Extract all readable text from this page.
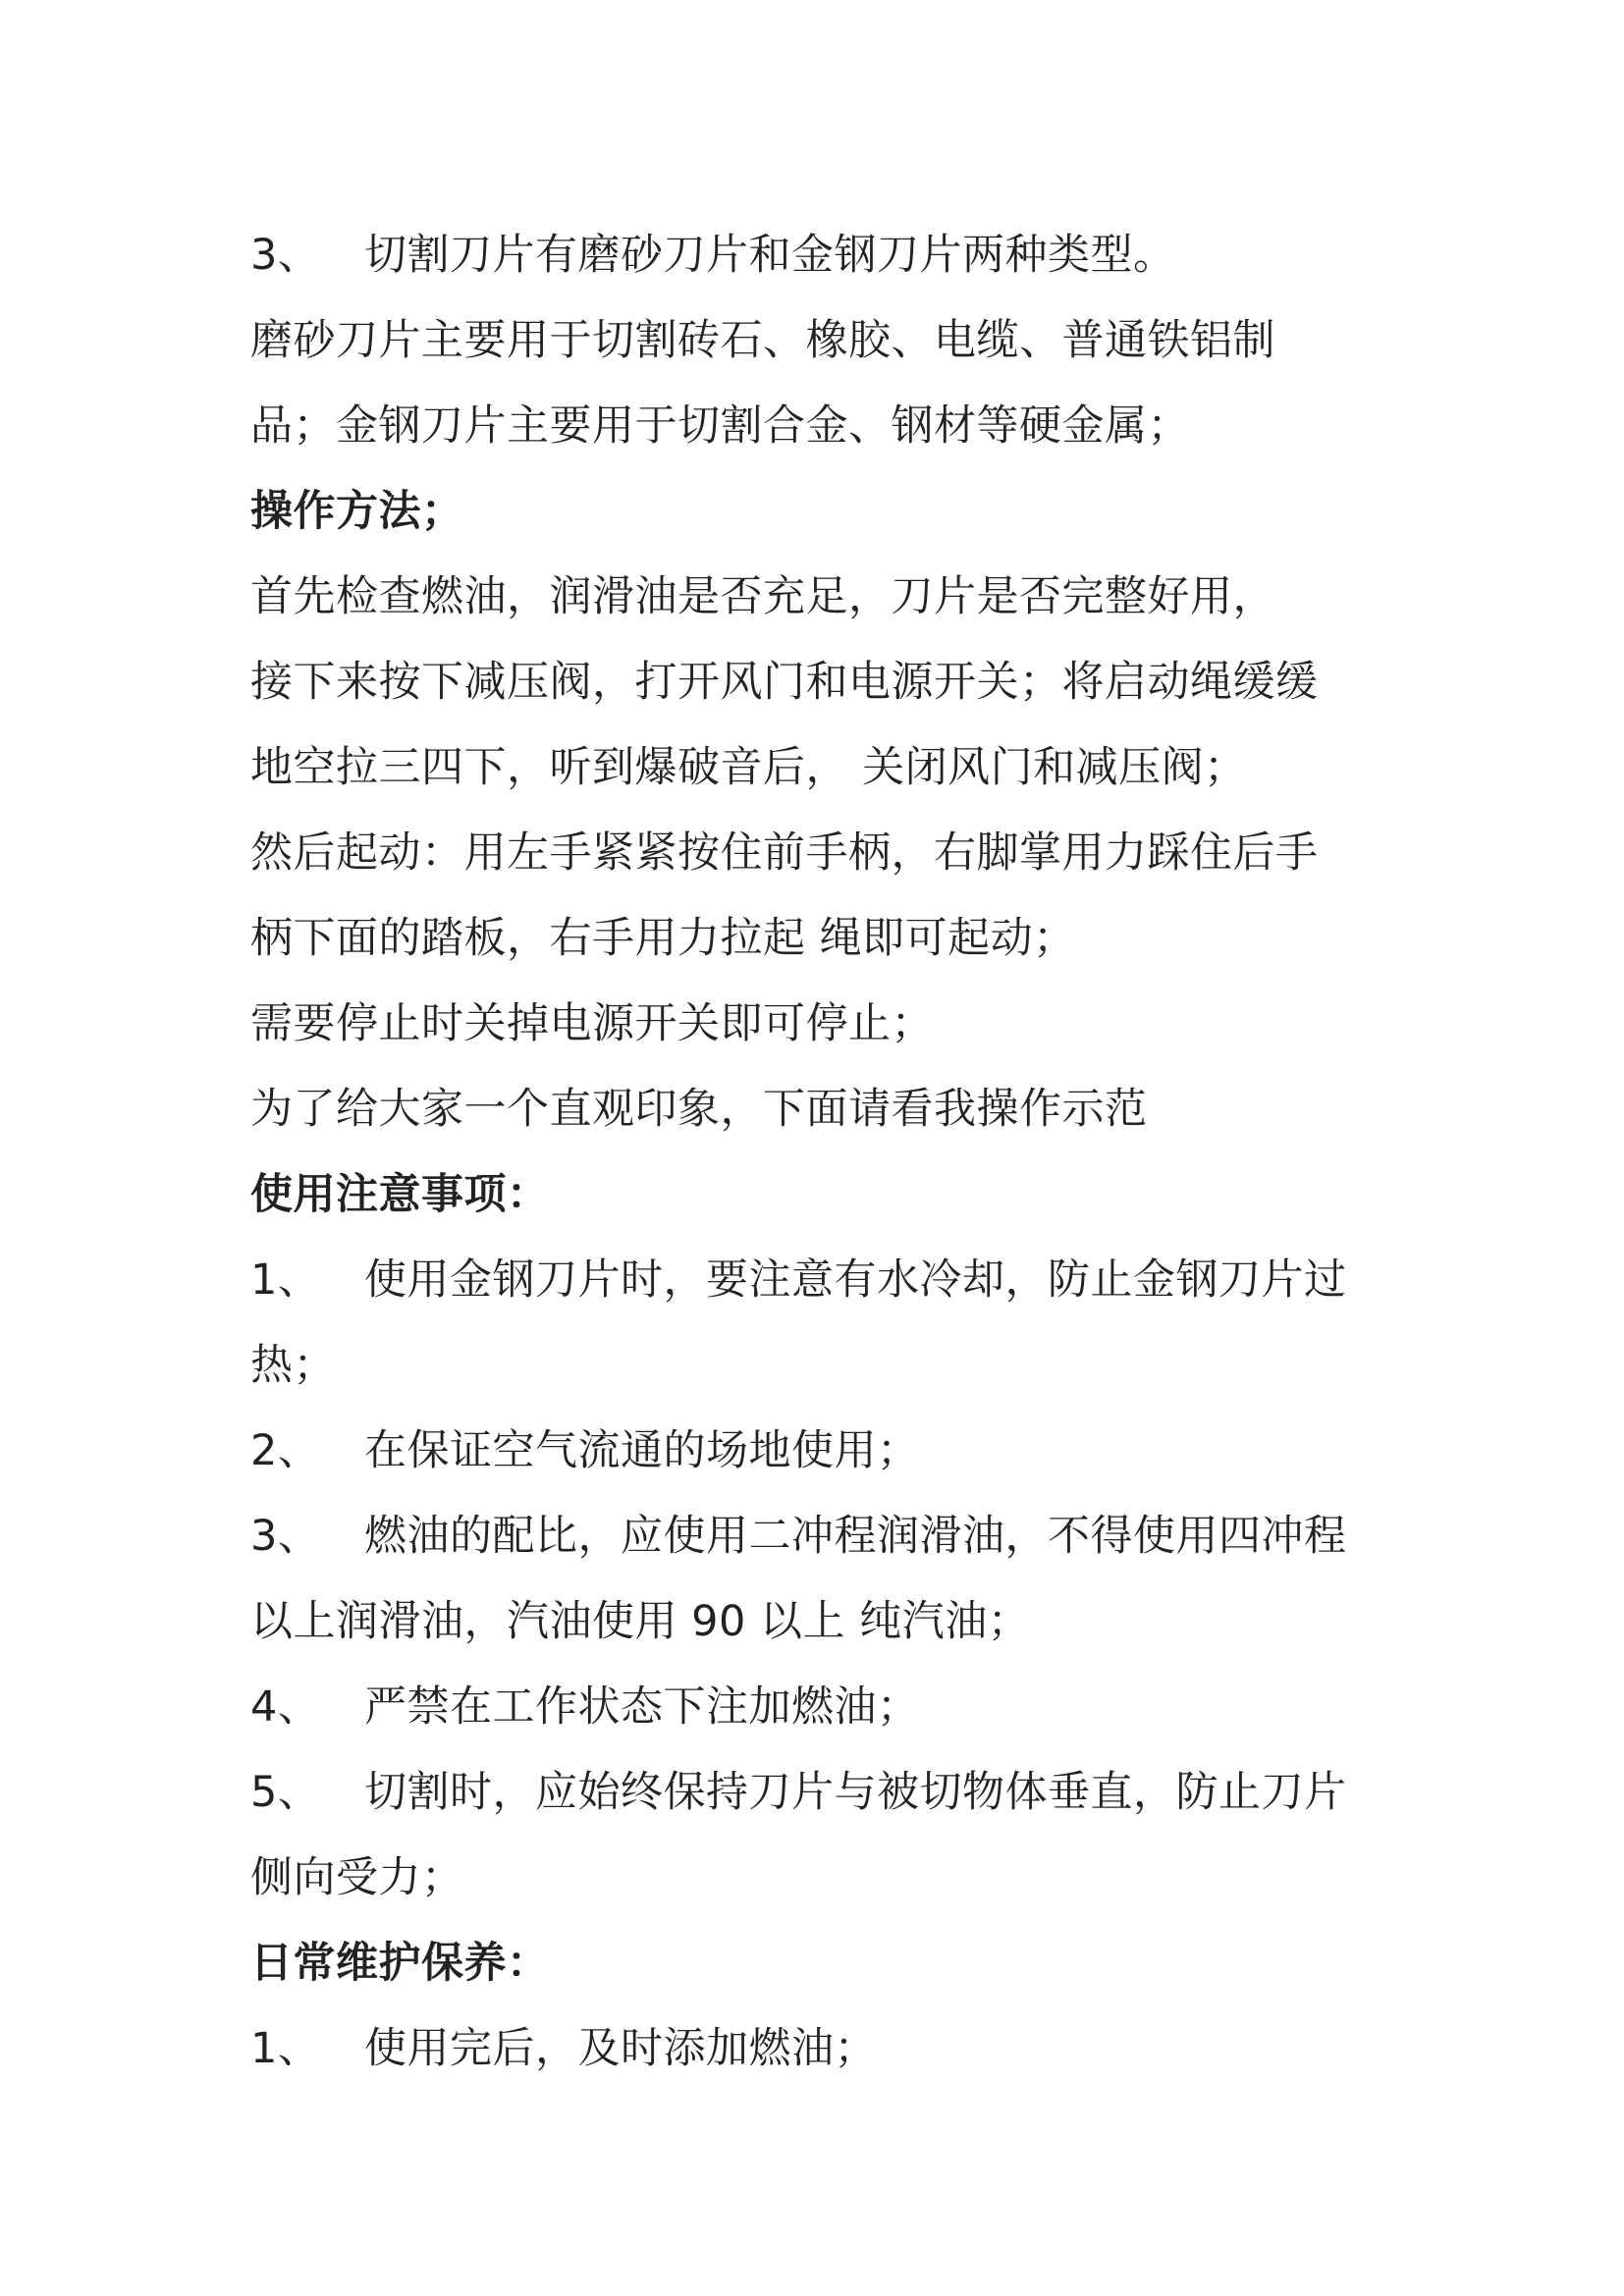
3、 切割刀片有磨砂刀片和金钢刀片两种类型。
磨砂刀片主要用于切割砖石、橡胶、电缆、普通铁铝制
品；金钢刀片主要用于切割合金、钢材等硬金属；
操作方法；
首先检查燃油，润滑油是否充足，刀片是否完整好用，
接下来按下减压阀，打开风门和电源开关；将启动绳缓缓
地空拉三四下，听到爆破音后， 关闭风门和减压阀；
然后起动：用左手紧紧按住前手柄，右脚掌用力踩住后手
柄下面的踏板，右手用力拉起 绳即可起动；
需要停止时关掉电源开关即可停止；
为了给大家一个直观印象，下面请看我操作示范
使用注意事项：
1、 使用金钢刀片时，要注意有水冷却，防止金钢刀片过
热；
2、 在保证空气流通的场地使用；
3、 燃油的配比，应使用二冲程润滑油，不得使用四冲程
以上润滑油，汽油使用 90 以上 纯汽油；
4、 严禁在工作状态下注加燃油；
5、 切割时，应始终保持刀片与被切物体垂直，防止刀片
侧向受力；
日常维护保养：
1、 使用完后，及时添加燃油；
